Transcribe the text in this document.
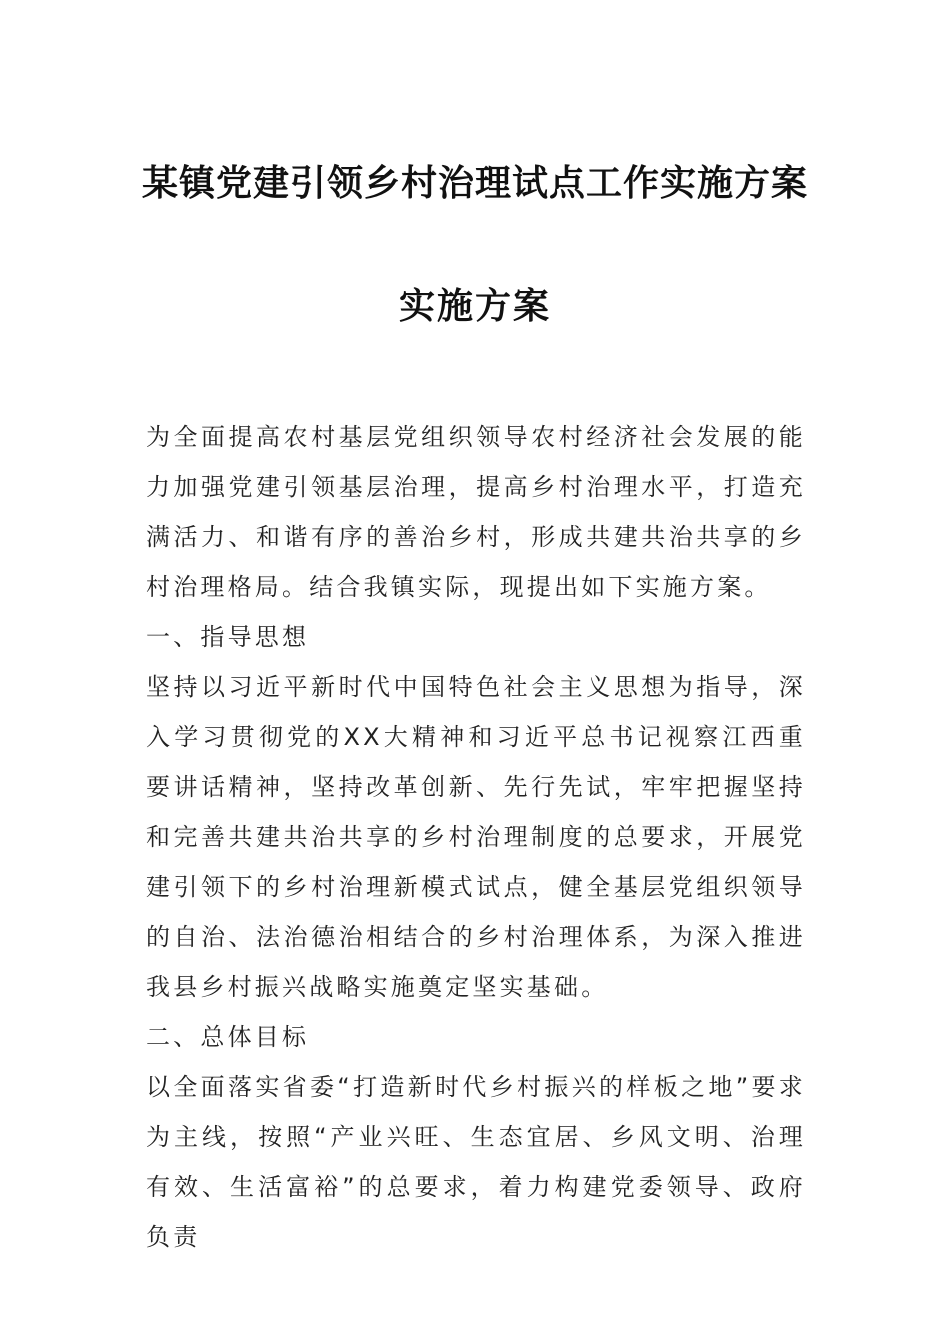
某镇党建引领乡村治理试点工作实施方案
实施方案

为全面提高农村基层党组织领导农村经济社会发展的能力加强党建引领基层治理，提高乡村治理水平，打造充满活力、和谐有序的善治乡村，形成共建共治共享的乡村治理格局。结合我镇实际，现提出如下实施方案。

一、指导思想

坚持以习近平新时代中国特色社会主义思想为指导，深入学习贯彻党的XX大精神和习近平总书记视察江西重要讲话精神，坚持改革创新、先行先试，牢牢把握坚持和完善共建共治共享的乡村治理制度的总要求，开展党建引领下的乡村治理新模式试点，健全基层党组织领导的自治、法治德治相结合的乡村治理体系，为深入推进我县乡村振兴战略实施奠定坚实基础。

二、总体目标

以全面落实省委“打造新时代乡村振兴的样板之地”要求为主线，按照“产业兴旺、生态宜居、乡风文明、治理有效、生活富裕”的总要求，着力构建党委领导、政府负责
